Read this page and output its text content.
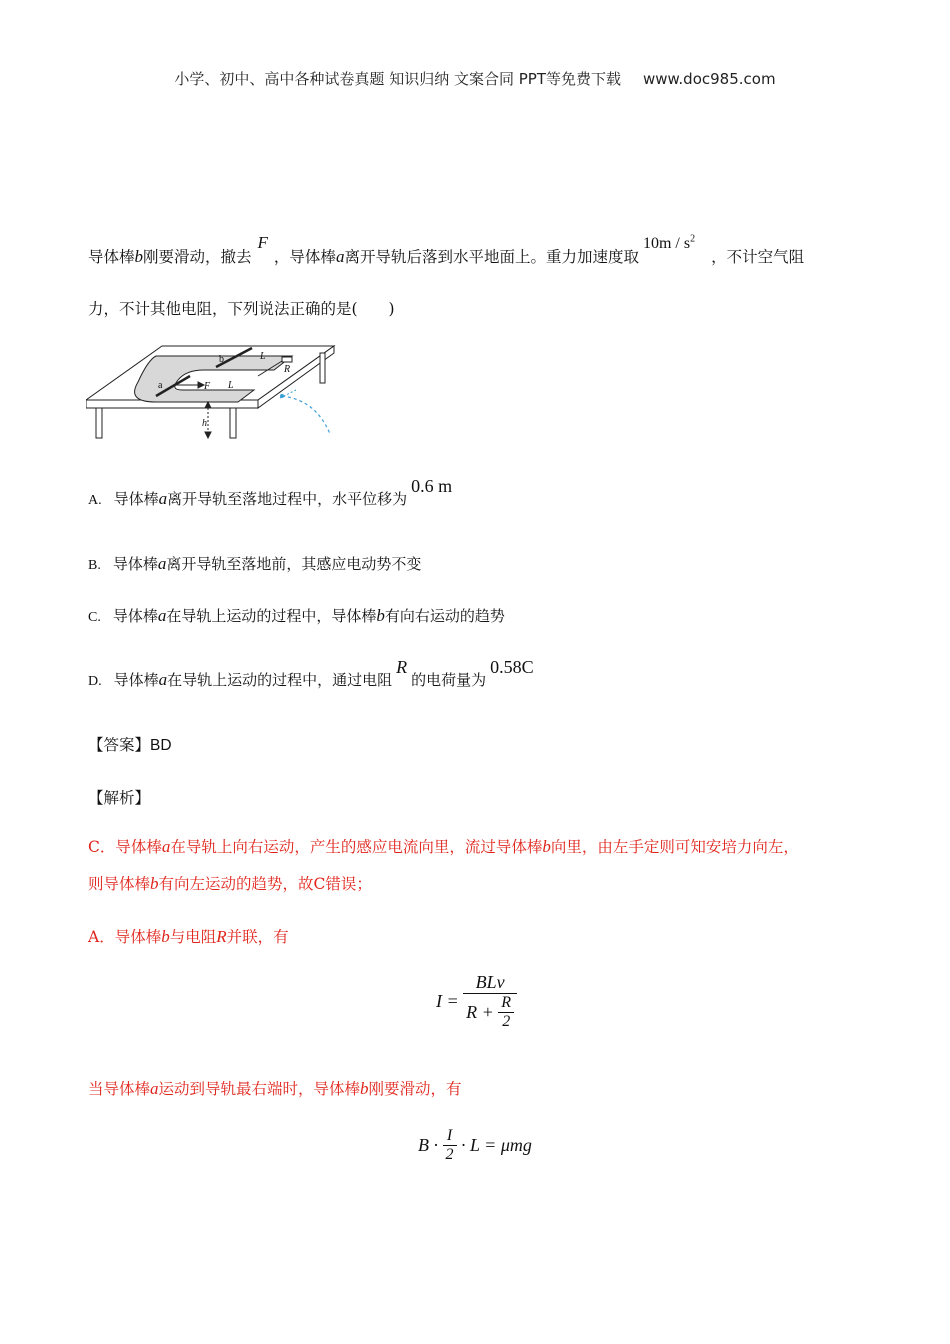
小学、初中、高中各种试卷真题 知识归纳 文案合同 PPT等免费下载 www.doc985.com
导体棒b刚要滑动，撤去F，导体棒a离开导轨后落到水平地面上。重力加速度取$10m / s^2$，不计空气阻
力，不计其他电阻，下列说法正确的是(　　)
b
a	F
L
L
R
h
A. 导体棒a离开导轨至落地过程中，水平位移为0.6 m
B. 导体棒a离开导轨至落地前，其感应电动势不变
C. 导体棒a在导轨上运动的过程中，导体棒b有向右运动的趋势
D. 导体棒a在导轨上运动的过程中，通过电阻R的电荷量为0.58C
【答案】BD
【解析】
C．导体棒a在导轨上向右运动，产生的感应电流向里，流过导体棒b向里，由左手定则可知安培力向左，
则导体棒b有向左运动的趋势，故C错误；
A．导体棒b与电阻R并联，有
$I = \frac{\text{BLv}}{R + \frac{R}{2}}$
当导体棒a运动到导轨最右端时，导体棒b刚要滑动，有
$B \cdot \frac{I}{2} \cdot L = \mu mg$
